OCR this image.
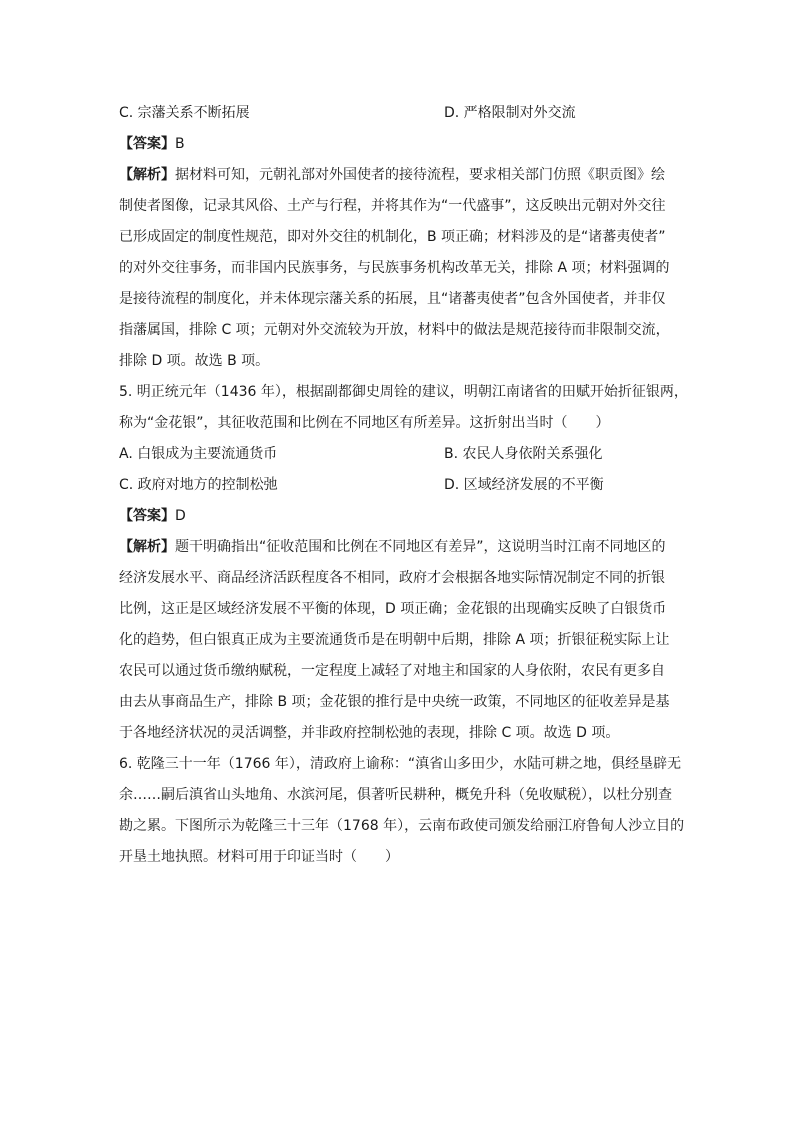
C. 宗藩关系不断拓展	D. 严格限制对外交流
【答案】B
【解析】据材料可知，元朝礼部对外国使者的接待流程，要求相关部门仿照《职贡图》绘
制使者图像，记录其风俗、土产与行程，并将其作为“一代盛事”，这反映出元朝对外交往
已形成固定的制度性规范，即对外交往的机制化，B 项正确；材料涉及的是“诸蕃夷使者”
的对外交往事务，而非国内民族事务，与民族事务机构改革无关，排除 A 项；材料强调的
是接待流程的制度化，并未体现宗藩关系的拓展，且“诸蕃夷使者”包含外国使者，并非仅
指藩属国，排除 C 项；元朝对外交流较为开放，材料中的做法是规范接待而非限制交流，
排除 D 项。故选 B 项。
5. 明正统元年（1436 年），根据副都御史周铨的建议，明朝江南诸省的田赋开始折征银两，
称为“金花银”，其征收范围和比例在不同地区有所差异。这折射出当时（　　）
A. 白银成为主要流通货币	B. 农民人身依附关系强化
C. 政府对地方的控制松弛	D. 区域经济发展的不平衡
【答案】D
【解析】题干明确指出“征收范围和比例在不同地区有差异”，这说明当时江南不同地区的
经济发展水平、商品经济活跃程度各不相同，政府才会根据各地实际情况制定不同的折银
比例，这正是区域经济发展不平衡的体现，D 项正确；金花银的出现确实反映了白银货币
化的趋势，但白银真正成为主要流通货币是在明朝中后期，排除 A 项；折银征税实际上让
农民可以通过货币缴纳赋税，一定程度上减轻了对地主和国家的人身依附，农民有更多自
由去从事商品生产，排除 B 项；金花银的推行是中央统一政策，不同地区的征收差异是基
于各地经济状况的灵活调整，并非政府控制松弛的表现，排除 C 项。故选 D 项。
6. 乾隆三十一年（1766 年），清政府上谕称：“滇省山多田少，水陆可耕之地，俱经垦辟无
余……嗣后滇省山头地角、水滨河尾，俱著听民耕种，概免升科（免收赋税），以杜分别查
勘之累。下图所示为乾隆三十三年（1768 年），云南布政使司颁发给丽江府鲁甸人沙立目的
开垦土地执照。材料可用于印证当时（　　）
